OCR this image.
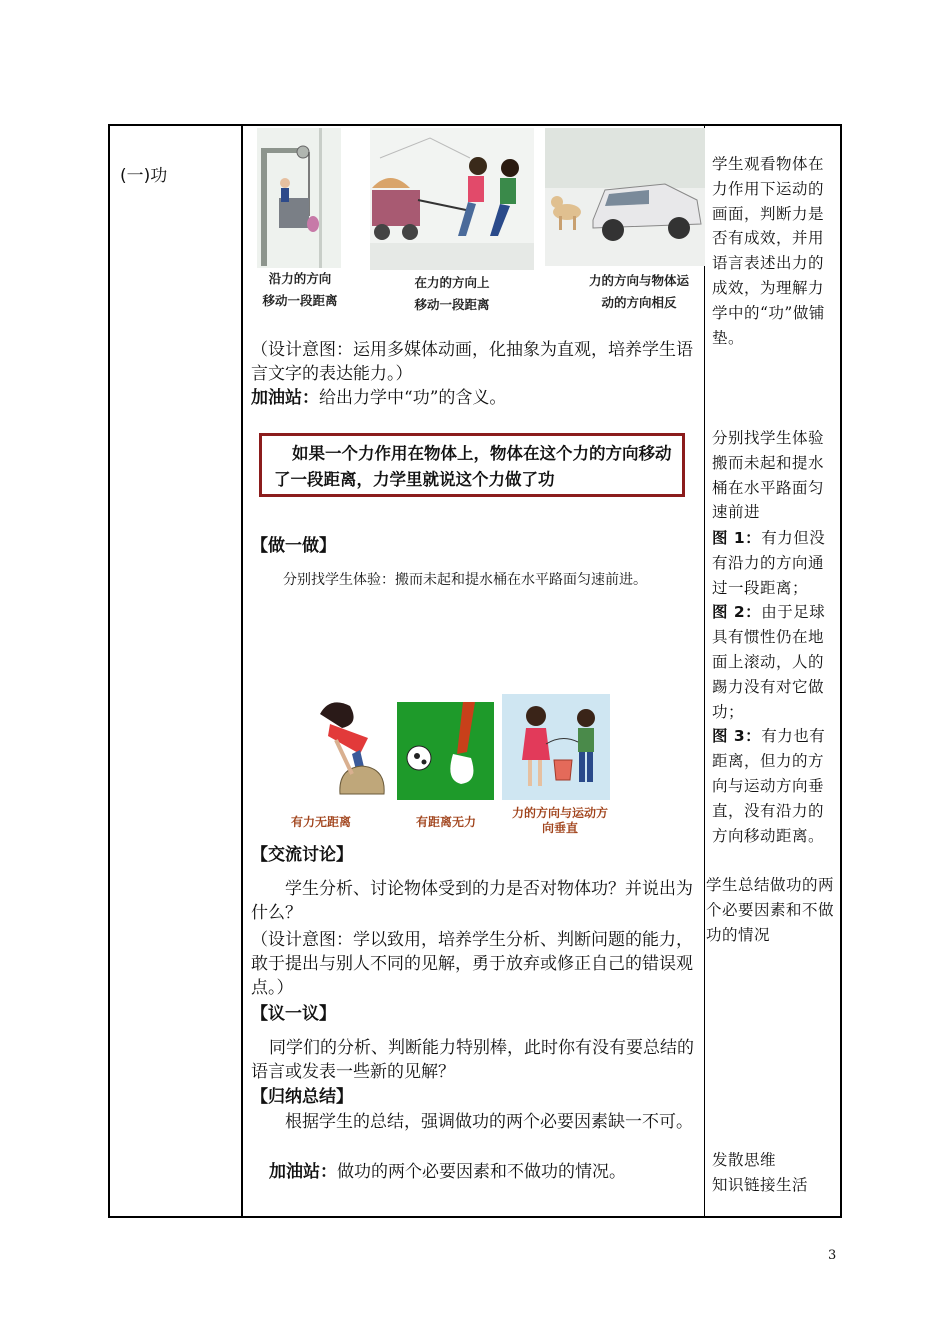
(一)功
沿力的方向
移动一段距离
在力的方向上
移动一段距离
力的方向与物体运
动的方向相反
（设计意图：运用多媒体动画，化抽象为直观，培养学生语言文字的表达能力。）
加油站：给出力学中“功”的含义。
如果一个力作用在物体上，物体在这个力的方向移动了一段距离，力学里就说这个力做了功
【做一做】
分别找学生体验：搬而未起和提水桶在水平路面匀速前进。
有力无距离	有距离无力
力的方向与运动方向垂直
【交流讨论】
学生分析、讨论物体受到的力是否对物体功？并说出为什么？
（设计意图：学以致用，培养学生分析、判断问题的能力，敢于提出与别人不同的见解，勇于放弃或修正自己的错误观点。）
【议一议】
同学们的分析、判断能力特别棒，此时你有没有要总结的语言或发表一些新的见解？
【归纳总结】
根据学生的总结，强调做功的两个必要因素缺一不可。
加油站：做功的两个必要因素和不做功的情况。
学生观看物体在力作用下运动的画面，判断力是否有成效，并用语言表述出力的成效，为理解力学中的“功”做铺垫。
分别找学生体验搬而未起和提水桶在水平路面匀速前进
图 1：有力但没有沿力的方向通过一段距离；
图 2：由于足球具有惯性仍在地面上滚动，人的踢力没有对它做功；
图 3：有力也有距离，但力的方向与运动方向垂直，没有沿力的方向移动距离。
学生总结做功的两个必要因素和不做功的情况
发散思维
知识链接生活
3
